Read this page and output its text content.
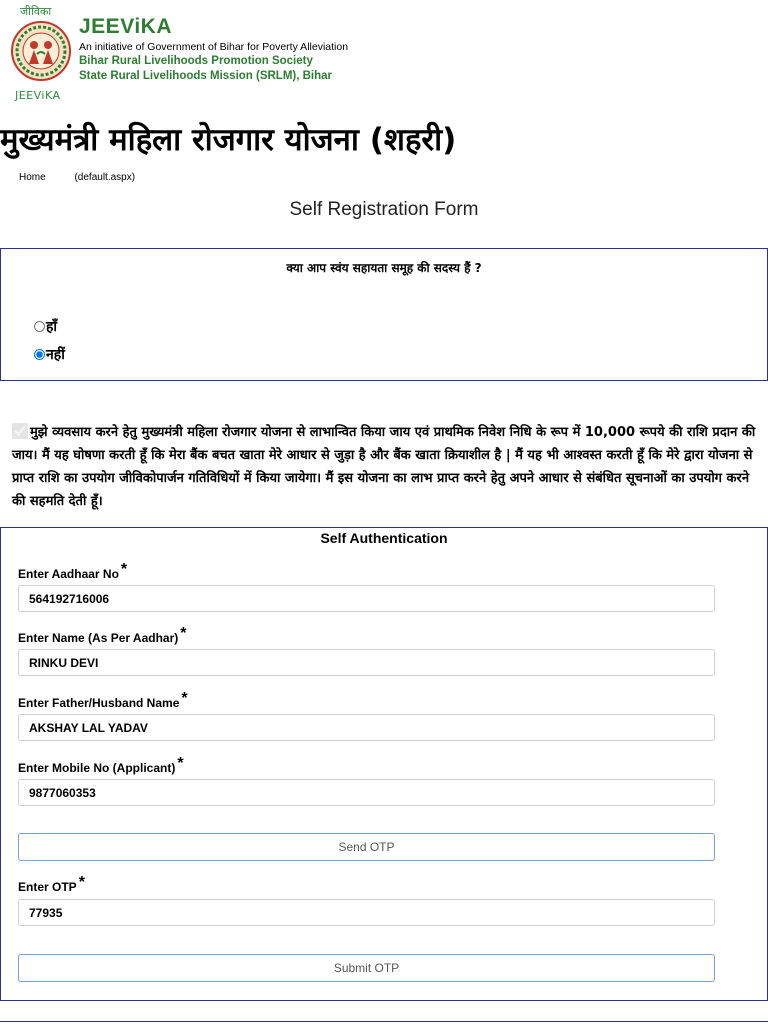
जीविका
JEEViKA
JEEViKA
An initiative of Government of Bihar for Poverty Alleviation
Bihar Rural Livelihoods Promotion Society
State Rural Livelihoods Mission (SRLM), Bihar
मुख्यमंत्री महिला रोजगार योजना (शहरी)
Home	(default.aspx)
Self Registration Form
क्या आप स्वंय सहायता समूह की सदस्य हैं ?
हाँ
नहीं
मुझे व्यवसाय करने हेतु मुख्यमंत्री महिला रोजगार योजना से लाभान्वित किया जाय एवं प्राथमिक निवेश निधि के रूप में 10,000 रूपये की राशि प्रदान की जाय। मैं यह घोषणा करती हूँ कि मेरा बैंक बचत खाता मेरे आधार से जुड़ा है और बैंक खाता क्रियाशील है | मैं यह भी आश्वस्त करती हूँ कि मेरे द्वारा योजना से प्राप्त राशि का उपयोग जीविकोपार्जन गतिविधियों में किया जायेगा। मैं इस योजना का लाभ प्राप्त करने हेतु अपने आधार से संबंधित सूचनाओं का उपयोग करने की सहमति देती हूँ।
Self Authentication
Enter Aadhaar No *
564192716006
Enter Name (As Per Aadhar) *
RINKU DEVI
Enter Father/Husband Name *
AKSHAY LAL YADAV
Enter Mobile No (Applicant) *
9877060353
Send OTP
Enter OTP *
77935
Submit OTP
